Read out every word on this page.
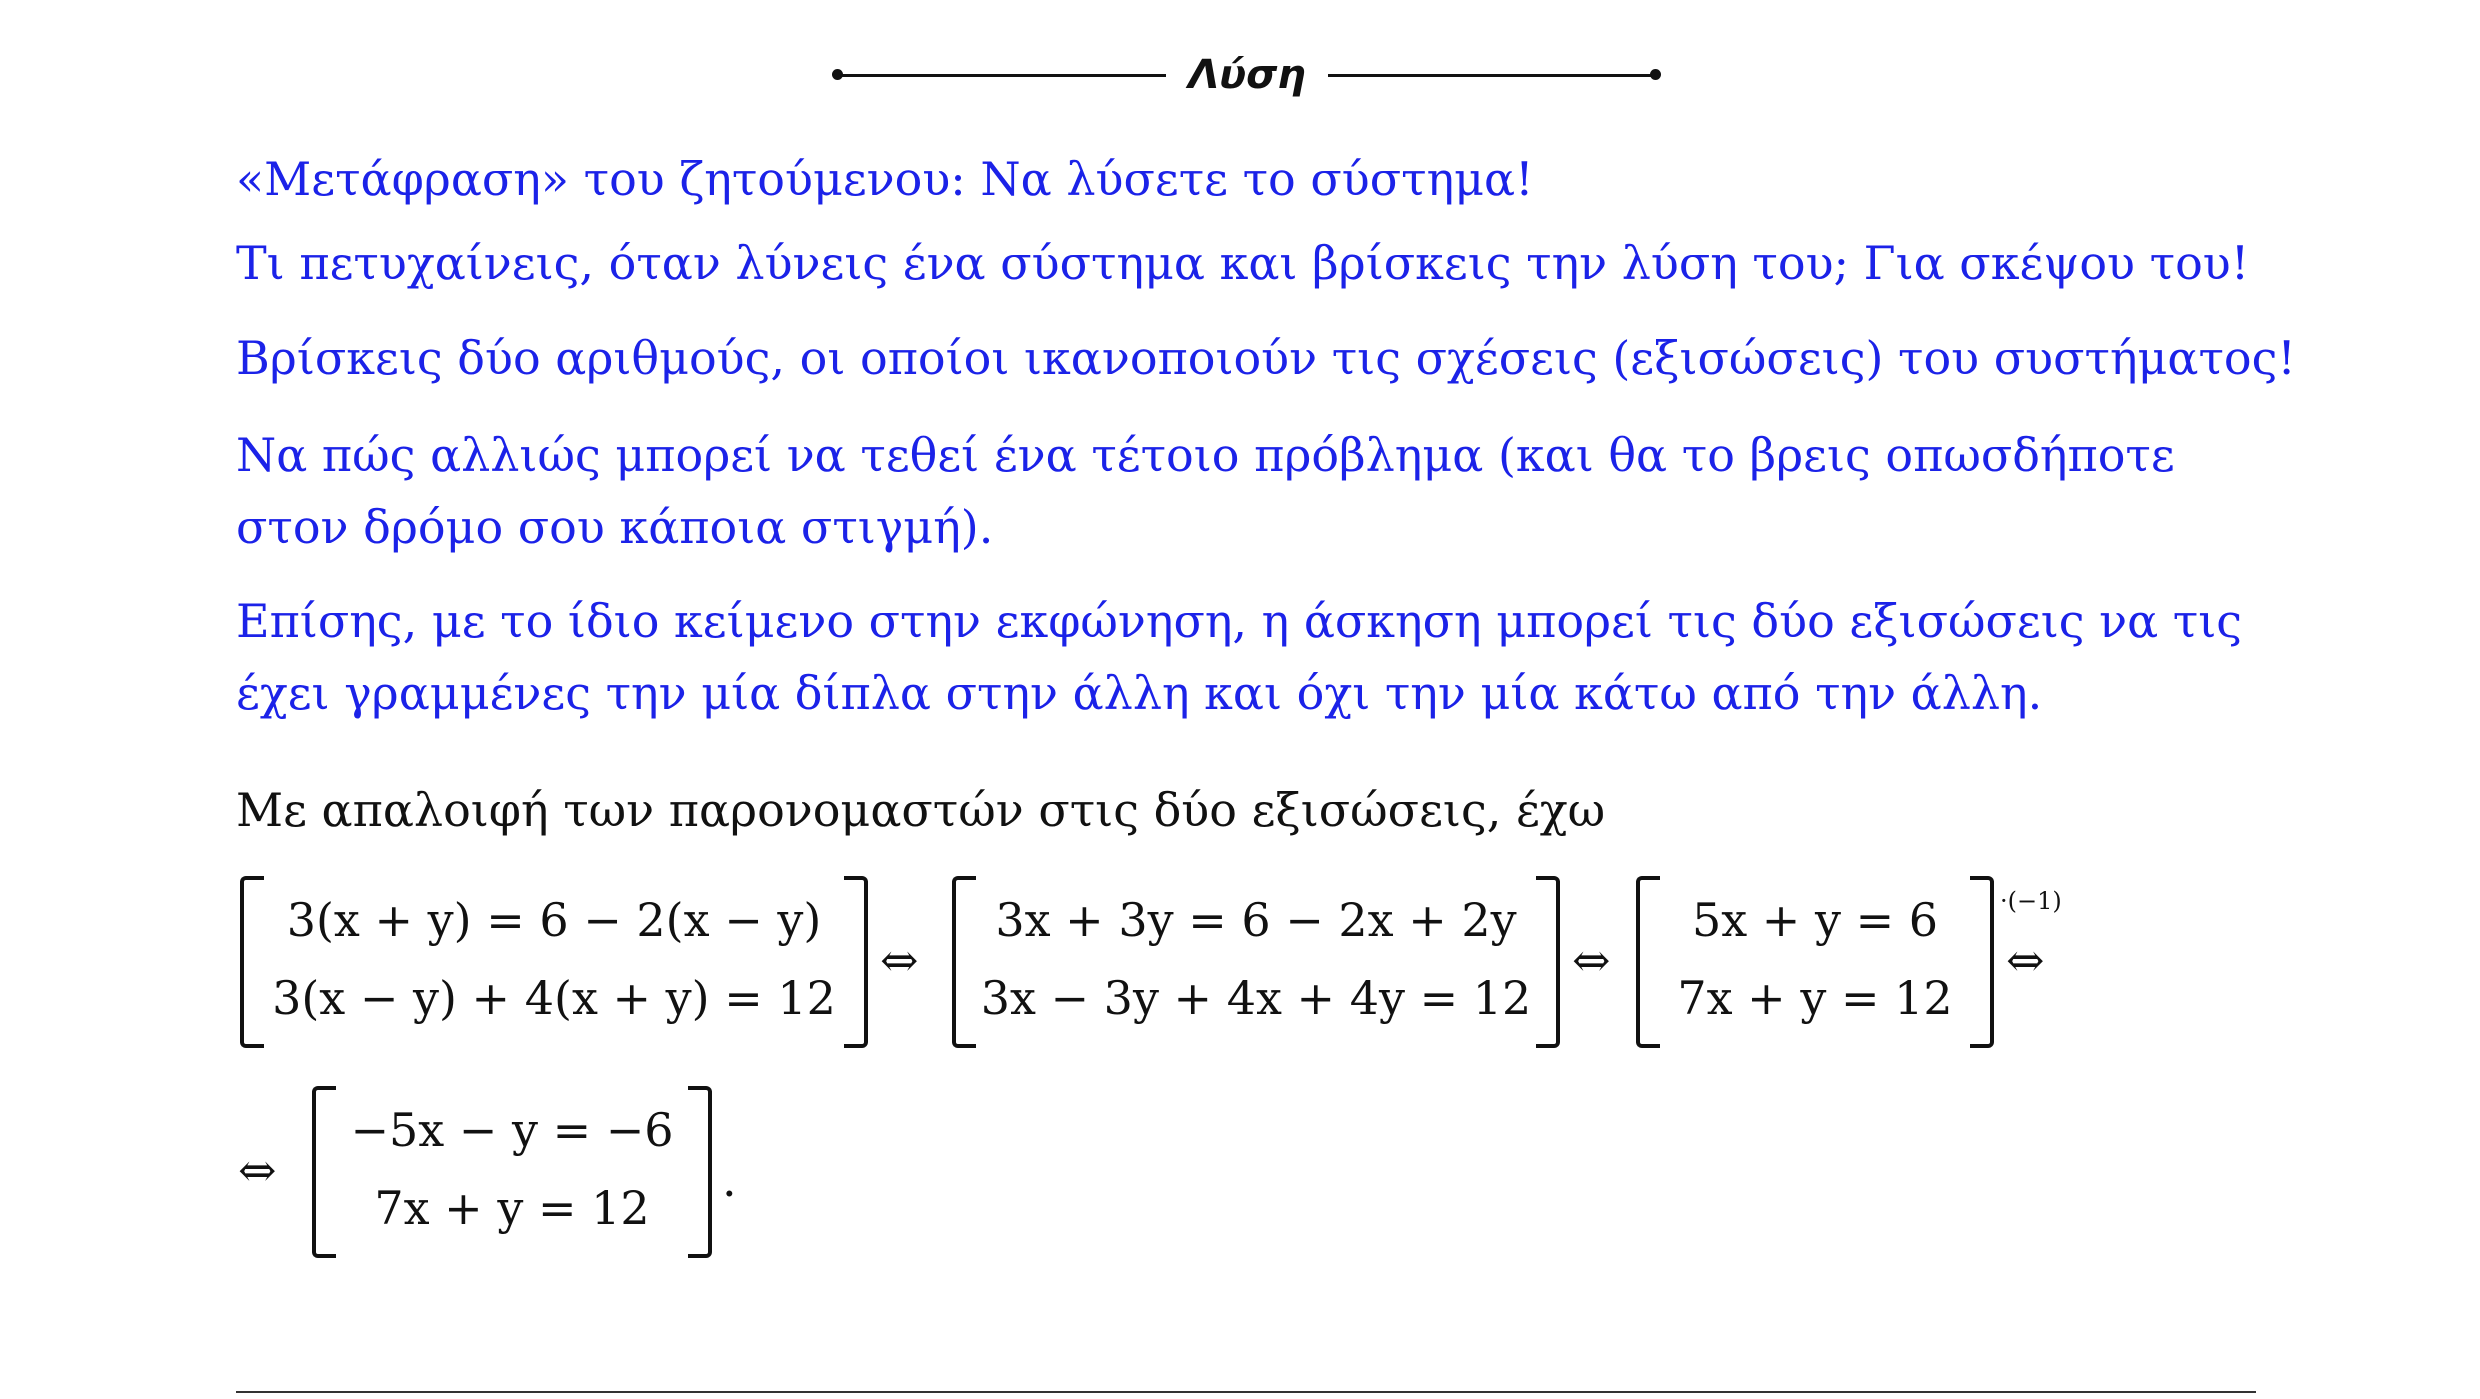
Λύση
«Μετάφραση» του ζητούμενου: Να λύσετε το σύστημα!
Τι πετυχαίνεις, όταν λύνεις ένα σύστημα και βρίσκεις την λύση του; Για σκέψου του!
Βρίσκεις δύο αριθμούς, οι οποίοι ικανοποιούν τις σχέσεις (εξισώσεις) του συστήματος!
Να πώς αλλιώς μπορεί να τεθεί ένα τέτοιο πρόβλημα (και θα το βρεις οπωσδήποτε
στον δρόμο σου κάποια στιγμή).
Επίσης, με το ίδιο κείμενο στην εκφώνηση, η άσκηση μπορεί τις δύο εξισώσεις να τις
έχει γραμμένες την μία δίπλα στην άλλη και όχι την μία κάτω από την άλλη.
Με απαλοιφή των παρονομαστών στις δύο εξισώσεις, έχω
3(x + y) = 6 − 2(x − y)
3(x − y) + 4(x + y) = 12
⇔
3x + 3y = 6 − 2x + 2y
3x − 3y + 4x + 4y = 12
⇔
5x + y = 6
7x + y = 12
·(−1)
⇔
⇔
−5x − y = −6
7x + y = 12
.
